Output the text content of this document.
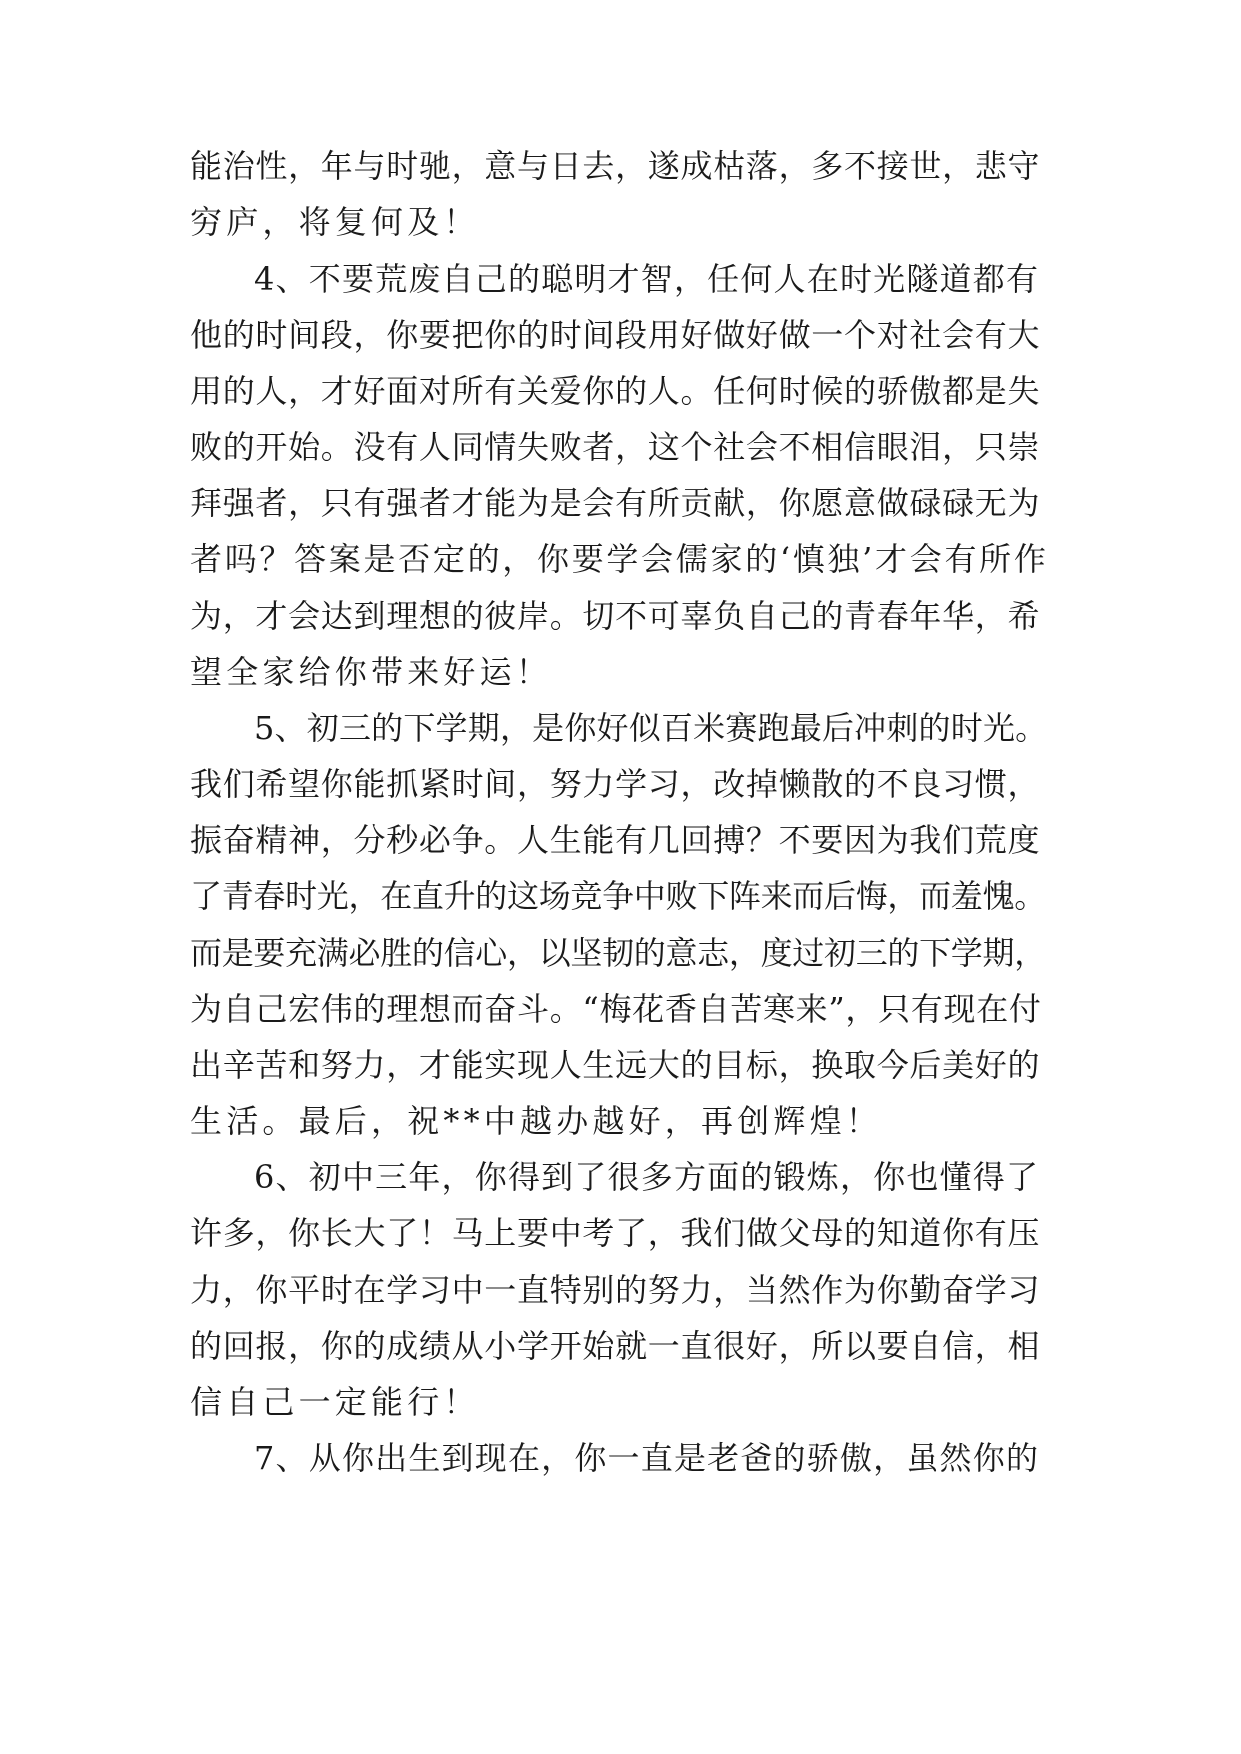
能治性，年与时驰，意与日去，遂成枯落，多不接世，悲守
穷庐，将复何及！
4、不要荒废自己的聪明才智，任何人在时光隧道都有
他的时间段，你要把你的时间段用好做好做一个对社会有大
用的人，才好面对所有关爱你的人。任何时候的骄傲都是失
败的开始。没有人同情失败者，这个社会不相信眼泪，只崇
拜强者，只有强者才能为是会有所贡献，你愿意做碌碌无为
者吗？答案是否定的，你要学会儒家的‘慎独’才会有所作
为，才会达到理想的彼岸。切不可辜负自己的青春年华，希
望全家给你带来好运！
5、初三的下学期，是你好似百米赛跑最后冲刺的时光。
我们希望你能抓紧时间，努力学习，改掉懒散的不良习惯，
振奋精神，分秒必争。人生能有几回搏？不要因为我们荒度
了青春时光，在直升的这场竞争中败下阵来而后悔，而羞愧。
而是要充满必胜的信心，以坚韧的意志，度过初三的下学期，
为自己宏伟的理想而奋斗。“梅花香自苦寒来”，只有现在付
出辛苦和努力，才能实现人生远大的目标，换取今后美好的
生活。最后，祝**中越办越好，再创辉煌！
6、初中三年，你得到了很多方面的锻炼，你也懂得了
许多，你长大了！马上要中考了，我们做父母的知道你有压
力，你平时在学习中一直特别的努力，当然作为你勤奋学习
的回报，你的成绩从小学开始就一直很好，所以要自信，相
信自己一定能行！
7、从你出生到现在，你一直是老爸的骄傲，虽然你的
